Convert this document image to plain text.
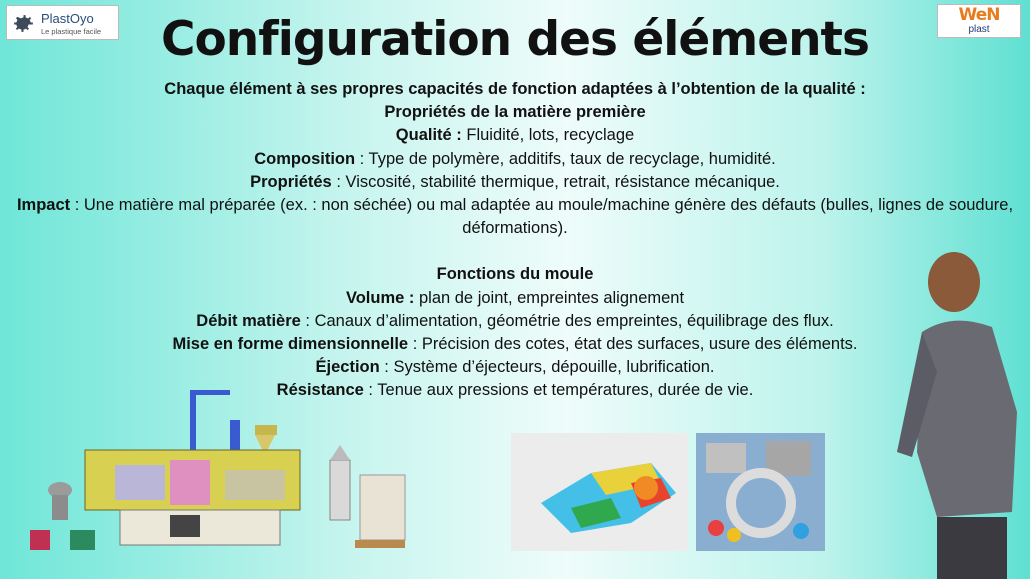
PlastOyo
Le plastique facile
WeN
plast
Configuration des éléments

Chaque élément à ses propres capacités de fonction adaptées à l’obtention de la qualité :

Propriétés de la matière première

Qualité : Fluidité, lots, recyclage

Composition : Type de polymère, additifs, taux de recyclage, humidité.

Propriétés : Viscosité, stabilité thermique, retrait, résistance mécanique.

Impact : Une matière mal préparée (ex. : non séchée) ou mal adaptée au moule/machine génère des défauts (bulles, lignes de soudure, déformations).

Fonctions du moule

Volume : plan de joint, empreintes alignement

Débit matière : Canaux d’alimentation, géométrie des empreintes, équilibrage des flux.

Mise en forme dimensionnelle : Précision des cotes, état des surfaces, usure des éléments.

Éjection : Système d’éjecteurs, dépouille, lubrification.

Résistance : Tenue aux pressions et températures, durée de vie.
